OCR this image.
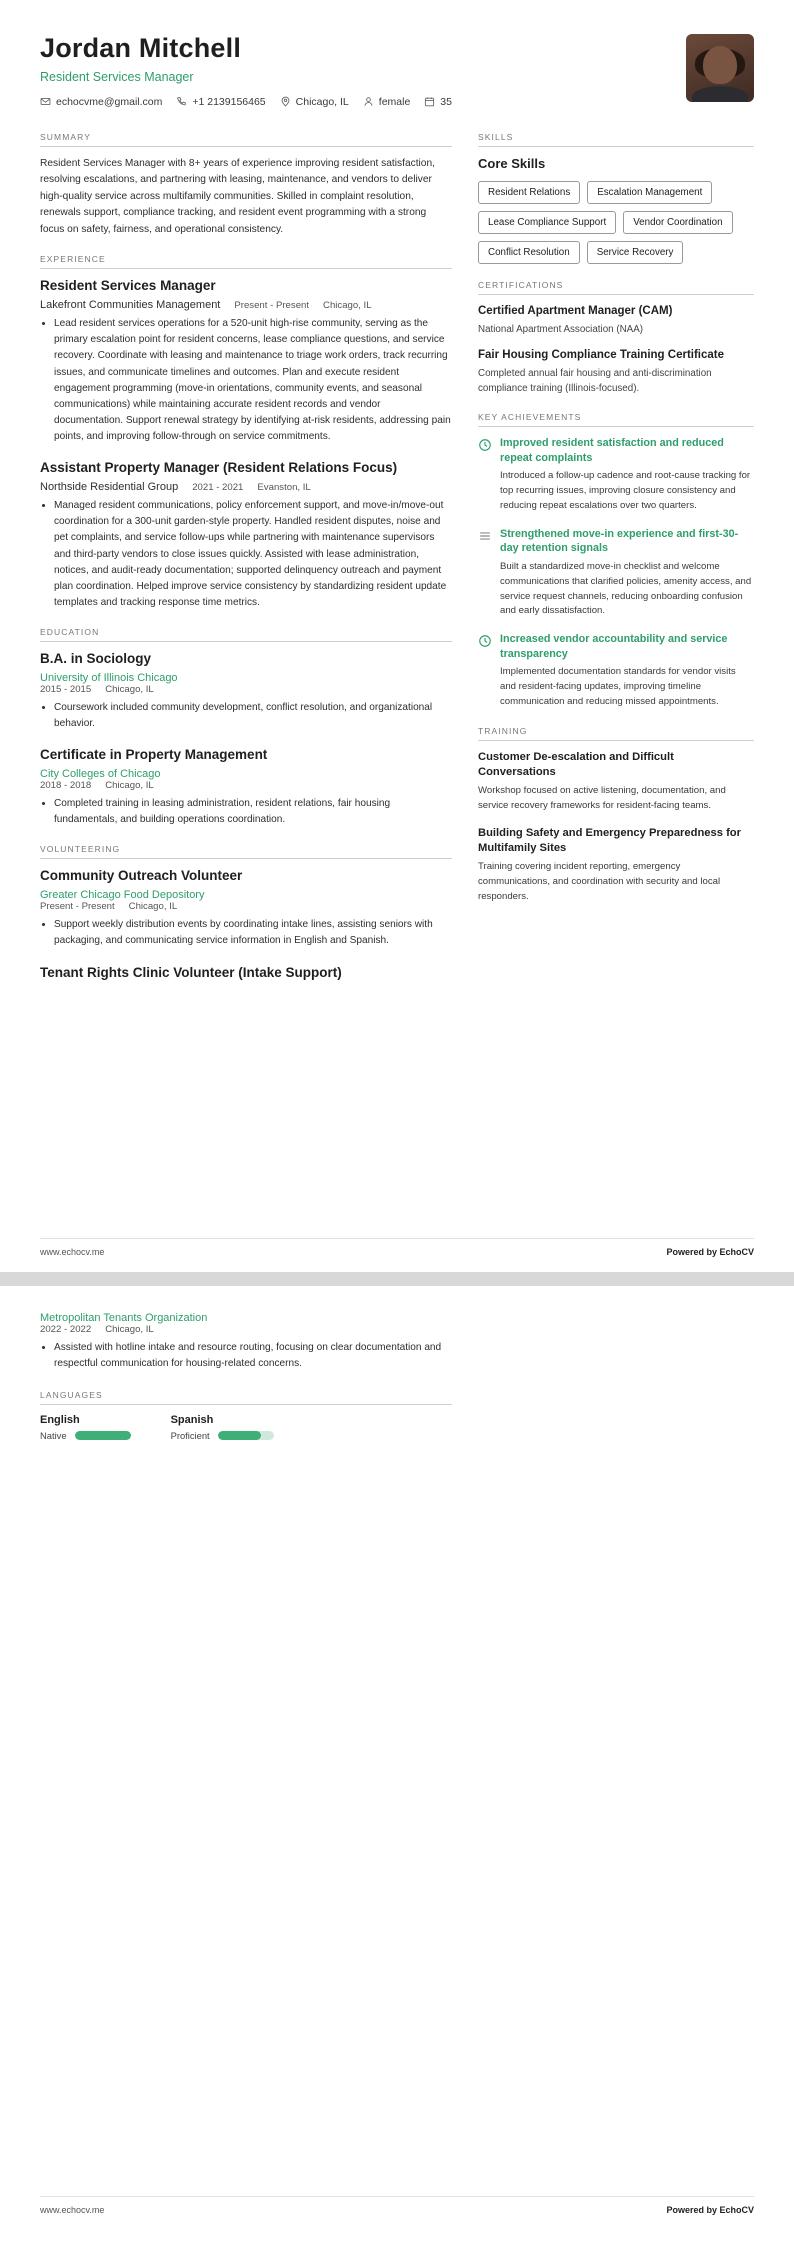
Jordan Mitchell
Resident Services Manager
echocvme@gmail.com	+1 2139156465	Chicago, IL	female	35
SUMMARY

Resident Services Manager with 8+ years of experience improving resident satisfaction, resolving escalations, and partnering with leasing, maintenance, and vendors to deliver high-quality service across multifamily communities. Skilled in complaint resolution, renewals support, compliance tracking, and resident event programming with a strong focus on safety, fairness, and operational consistency.

EXPERIENCE
Resident Services Manager
Lakefront Communities Management Present - Present Chicago, IL
• Lead resident services operations for a 520-unit high-rise community, serving as the primary escalation point for resident concerns, lease compliance questions, and service recovery. Coordinate with leasing and maintenance to triage work orders, track recurring issues, and communicate timelines and outcomes. Plan and execute resident engagement programming (move-in orientations, community events, and seasonal communications) while maintaining accurate resident records and vendor documentation. Support renewal strategy by identifying at-risk residents, addressing pain points, and improving follow-through on service commitments.
Assistant Property Manager (Resident Relations Focus)
Northside Residential Group 2021 - 2021 Evanston, IL
• Managed resident communications, policy enforcement support, and move-in/move-out coordination for a 300-unit garden-style property. Handled resident disputes, noise and pet complaints, and service follow-ups while partnering with maintenance supervisors and third-party vendors to close issues quickly. Assisted with lease administration, notices, and audit-ready documentation; supported delinquency outreach and payment plan coordination. Helped improve service consistency by standardizing resident update templates and tracking response time metrics.
EDUCATION
B.A. in Sociology
University of Illinois Chicago
2015 - 2015 Chicago, IL
• Coursework included community development, conflict resolution, and organizational behavior.
Certificate in Property Management
City Colleges of Chicago
2018 - 2018 Chicago, IL
• Completed training in leasing administration, resident relations, fair housing fundamentals, and building operations coordination.
VOLUNTEERING
Community Outreach Volunteer
Greater Chicago Food Depository
Present - Present Chicago, IL
• Support weekly distribution events by coordinating intake lines, assisting seniors with packaging, and communicating service information in English and Spanish.
Tenant Rights Clinic Volunteer (Intake Support)
SKILLS
Core Skills
Resident Relations	Escalation Management
Lease Compliance Support	Vendor Coordination
Conflict Resolution	Service Recovery
CERTIFICATIONS
Certified Apartment Manager (CAM)
National Apartment Association (NAA)
Fair Housing Compliance Training Certificate
Completed annual fair housing and anti-discrimination compliance training (Illinois-focused).
KEY ACHIEVEMENTS
Improved resident satisfaction and reduced repeat complaints

Introduced a follow-up cadence and root-cause tracking for top recurring issues, improving closure consistency and reducing repeat escalations over two quarters.

Strengthened move-in experience and first-30-day retention signals

Built a standardized move-in checklist and welcome communications that clarified policies, amenity access, and service request channels, reducing onboarding confusion and early dissatisfaction.

Increased vendor accountability and service transparency

Implemented documentation standards for vendor visits and resident-facing updates, improving timeline communication and reducing missed appointments.

TRAINING
Customer De-escalation and Difficult Conversations

Workshop focused on active listening, documentation, and service recovery frameworks for resident-facing teams.

Building Safety and Emergency Preparedness for Multifamily Sites

Training covering incident reporting, emergency communications, and coordination with security and local responders.

www.echocv.me	Powered by EchoCV
Metropolitan Tenants Organization
2022 - 2022 Chicago, IL
• Assisted with hotline intake and resource routing, focusing on clear documentation and respectful communication for housing-related concerns.
LANGUAGES
English
Native
Spanish
Proficient
www.echocv.me	Powered by EchoCV
